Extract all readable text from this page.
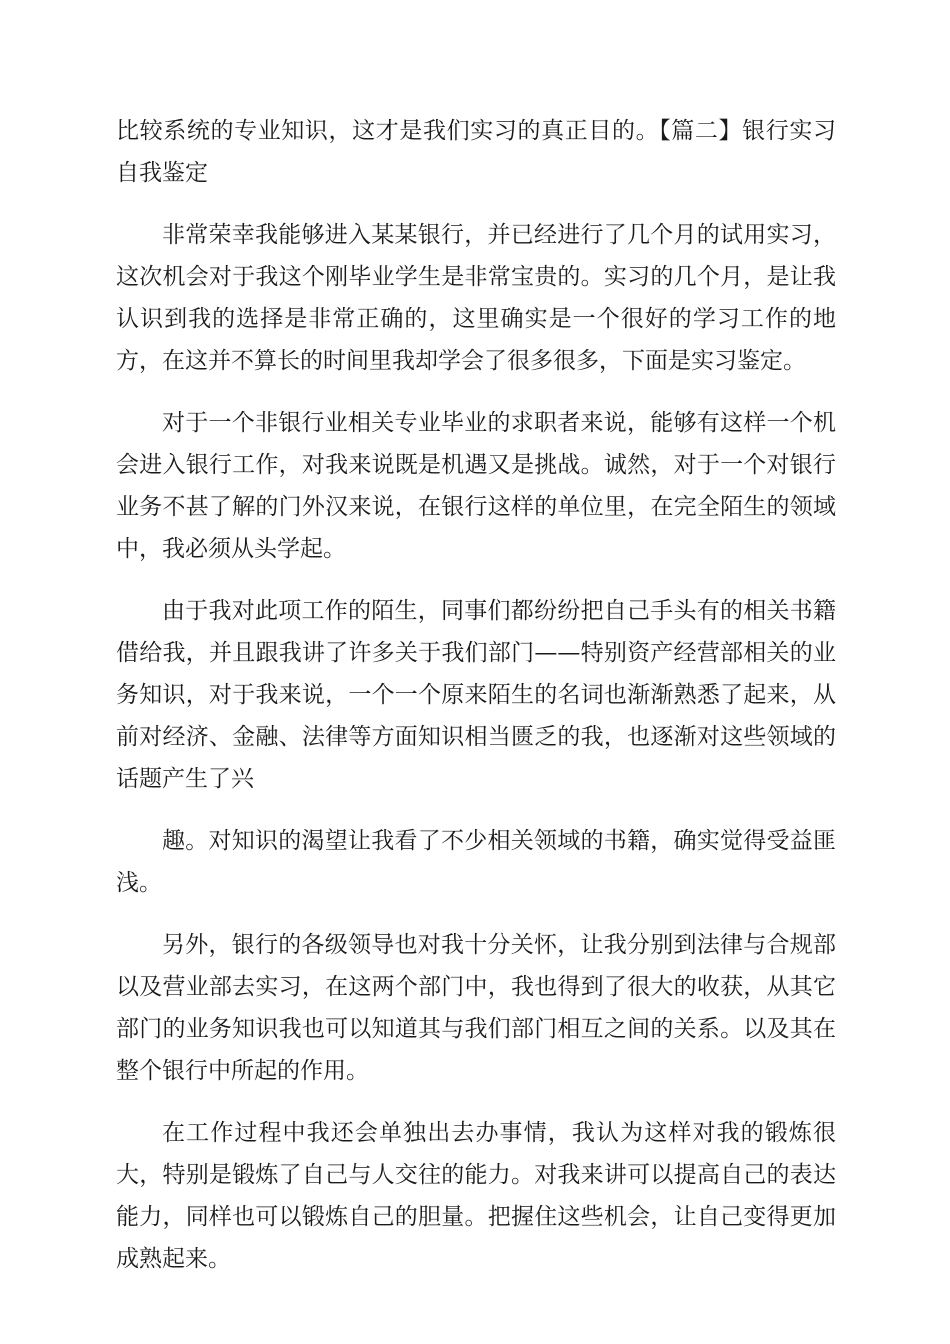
比较系统的专业知识，这才是我们实习的真正目的。【篇二】银行实习自我鉴定

非常荣幸我能够进入某某银行，并已经进行了几个月的试用实习，这次机会对于我这个刚毕业学生是非常宝贵的。实习的几个月，是让我认识到我的选择是非常正确的，这里确实是一个很好的学习工作的地方，在这并不算长的时间里我却学会了很多很多，下面是实习鉴定。

对于一个非银行业相关专业毕业的求职者来说，能够有这样一个机会进入银行工作，对我来说既是机遇又是挑战。诚然，对于一个对银行业务不甚了解的门外汉来说，在银行这样的单位里，在完全陌生的领域中，我必须从头学起。

由于我对此项工作的陌生，同事们都纷纷把自己手头有的相关书籍借给我，并且跟我讲了许多关于我们部门——特别资产经营部相关的业务知识，对于我来说，一个一个原来陌生的名词也渐渐熟悉了起来，从前对经济、金融、法律等方面知识相当匮乏的我，也逐渐对这些领域的话题产生了兴

趣。对知识的渴望让我看了不少相关领域的书籍，确实觉得受益匪浅。

另外，银行的各级领导也对我十分关怀，让我分别到法律与合规部以及营业部去实习，在这两个部门中，我也得到了很大的收获，从其它部门的业务知识我也可以知道其与我们部门相互之间的关系。以及其在整个银行中所起的作用。

在工作过程中我还会单独出去办事情，我认为这样对我的锻炼很大，特别是锻炼了自己与人交往的能力。对我来讲可以提高自己的表达能力，同样也可以锻炼自己的胆量。把握住这些机会，让自己变得更加成熟起来。
